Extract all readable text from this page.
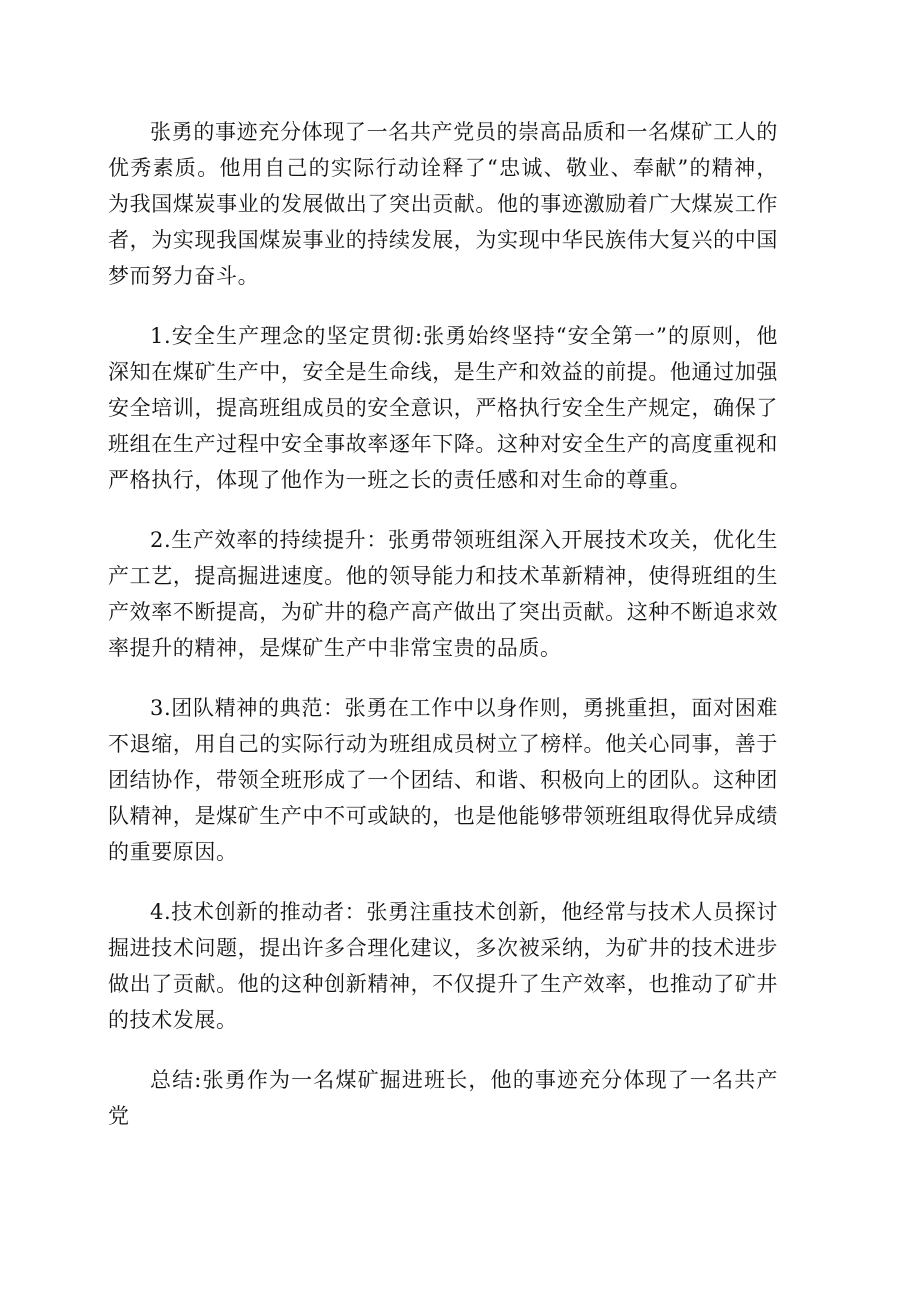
张勇的事迹充分体现了一名共产党员的崇高品质和一名煤矿工人的优秀素质。他用自己的实际行动诠释了“忠诚、敬业、奉献”的精神，为我国煤炭事业的发展做出了突出贡献。他的事迹激励着广大煤炭工作者，为实现我国煤炭事业的持续发展，为实现中华民族伟大复兴的中国梦而努力奋斗。

1.安全生产理念的坚定贯彻:张勇始终坚持“安全第一”的原则，他深知在煤矿生产中，安全是生命线，是生产和效益的前提。他通过加强安全培训，提高班组成员的安全意识，严格执行安全生产规定，确保了班组在生产过程中安全事故率逐年下降。这种对安全生产的高度重视和严格执行，体现了他作为一班之长的责任感和对生命的尊重。

2.生产效率的持续提升：张勇带领班组深入开展技术攻关，优化生产工艺，提高掘进速度。他的领导能力和技术革新精神，使得班组的生产效率不断提高，为矿井的稳产高产做出了突出贡献。这种不断追求效率提升的精神，是煤矿生产中非常宝贵的品质。

3.团队精神的典范：张勇在工作中以身作则，勇挑重担，面对困难不退缩，用自己的实际行动为班组成员树立了榜样。他关心同事，善于团结协作，带领全班形成了一个团结、和谐、积极向上的团队。这种团队精神，是煤矿生产中不可或缺的，也是他能够带领班组取得优异成绩的重要原因。

4.技术创新的推动者：张勇注重技术创新，他经常与技术人员探讨掘进技术问题，提出许多合理化建议，多次被采纳，为矿井的技术进步做出了贡献。他的这种创新精神，不仅提升了生产效率，也推动了矿井的技术发展。

总结:张勇作为一名煤矿掘进班长，他的事迹充分体现了一名共产党
